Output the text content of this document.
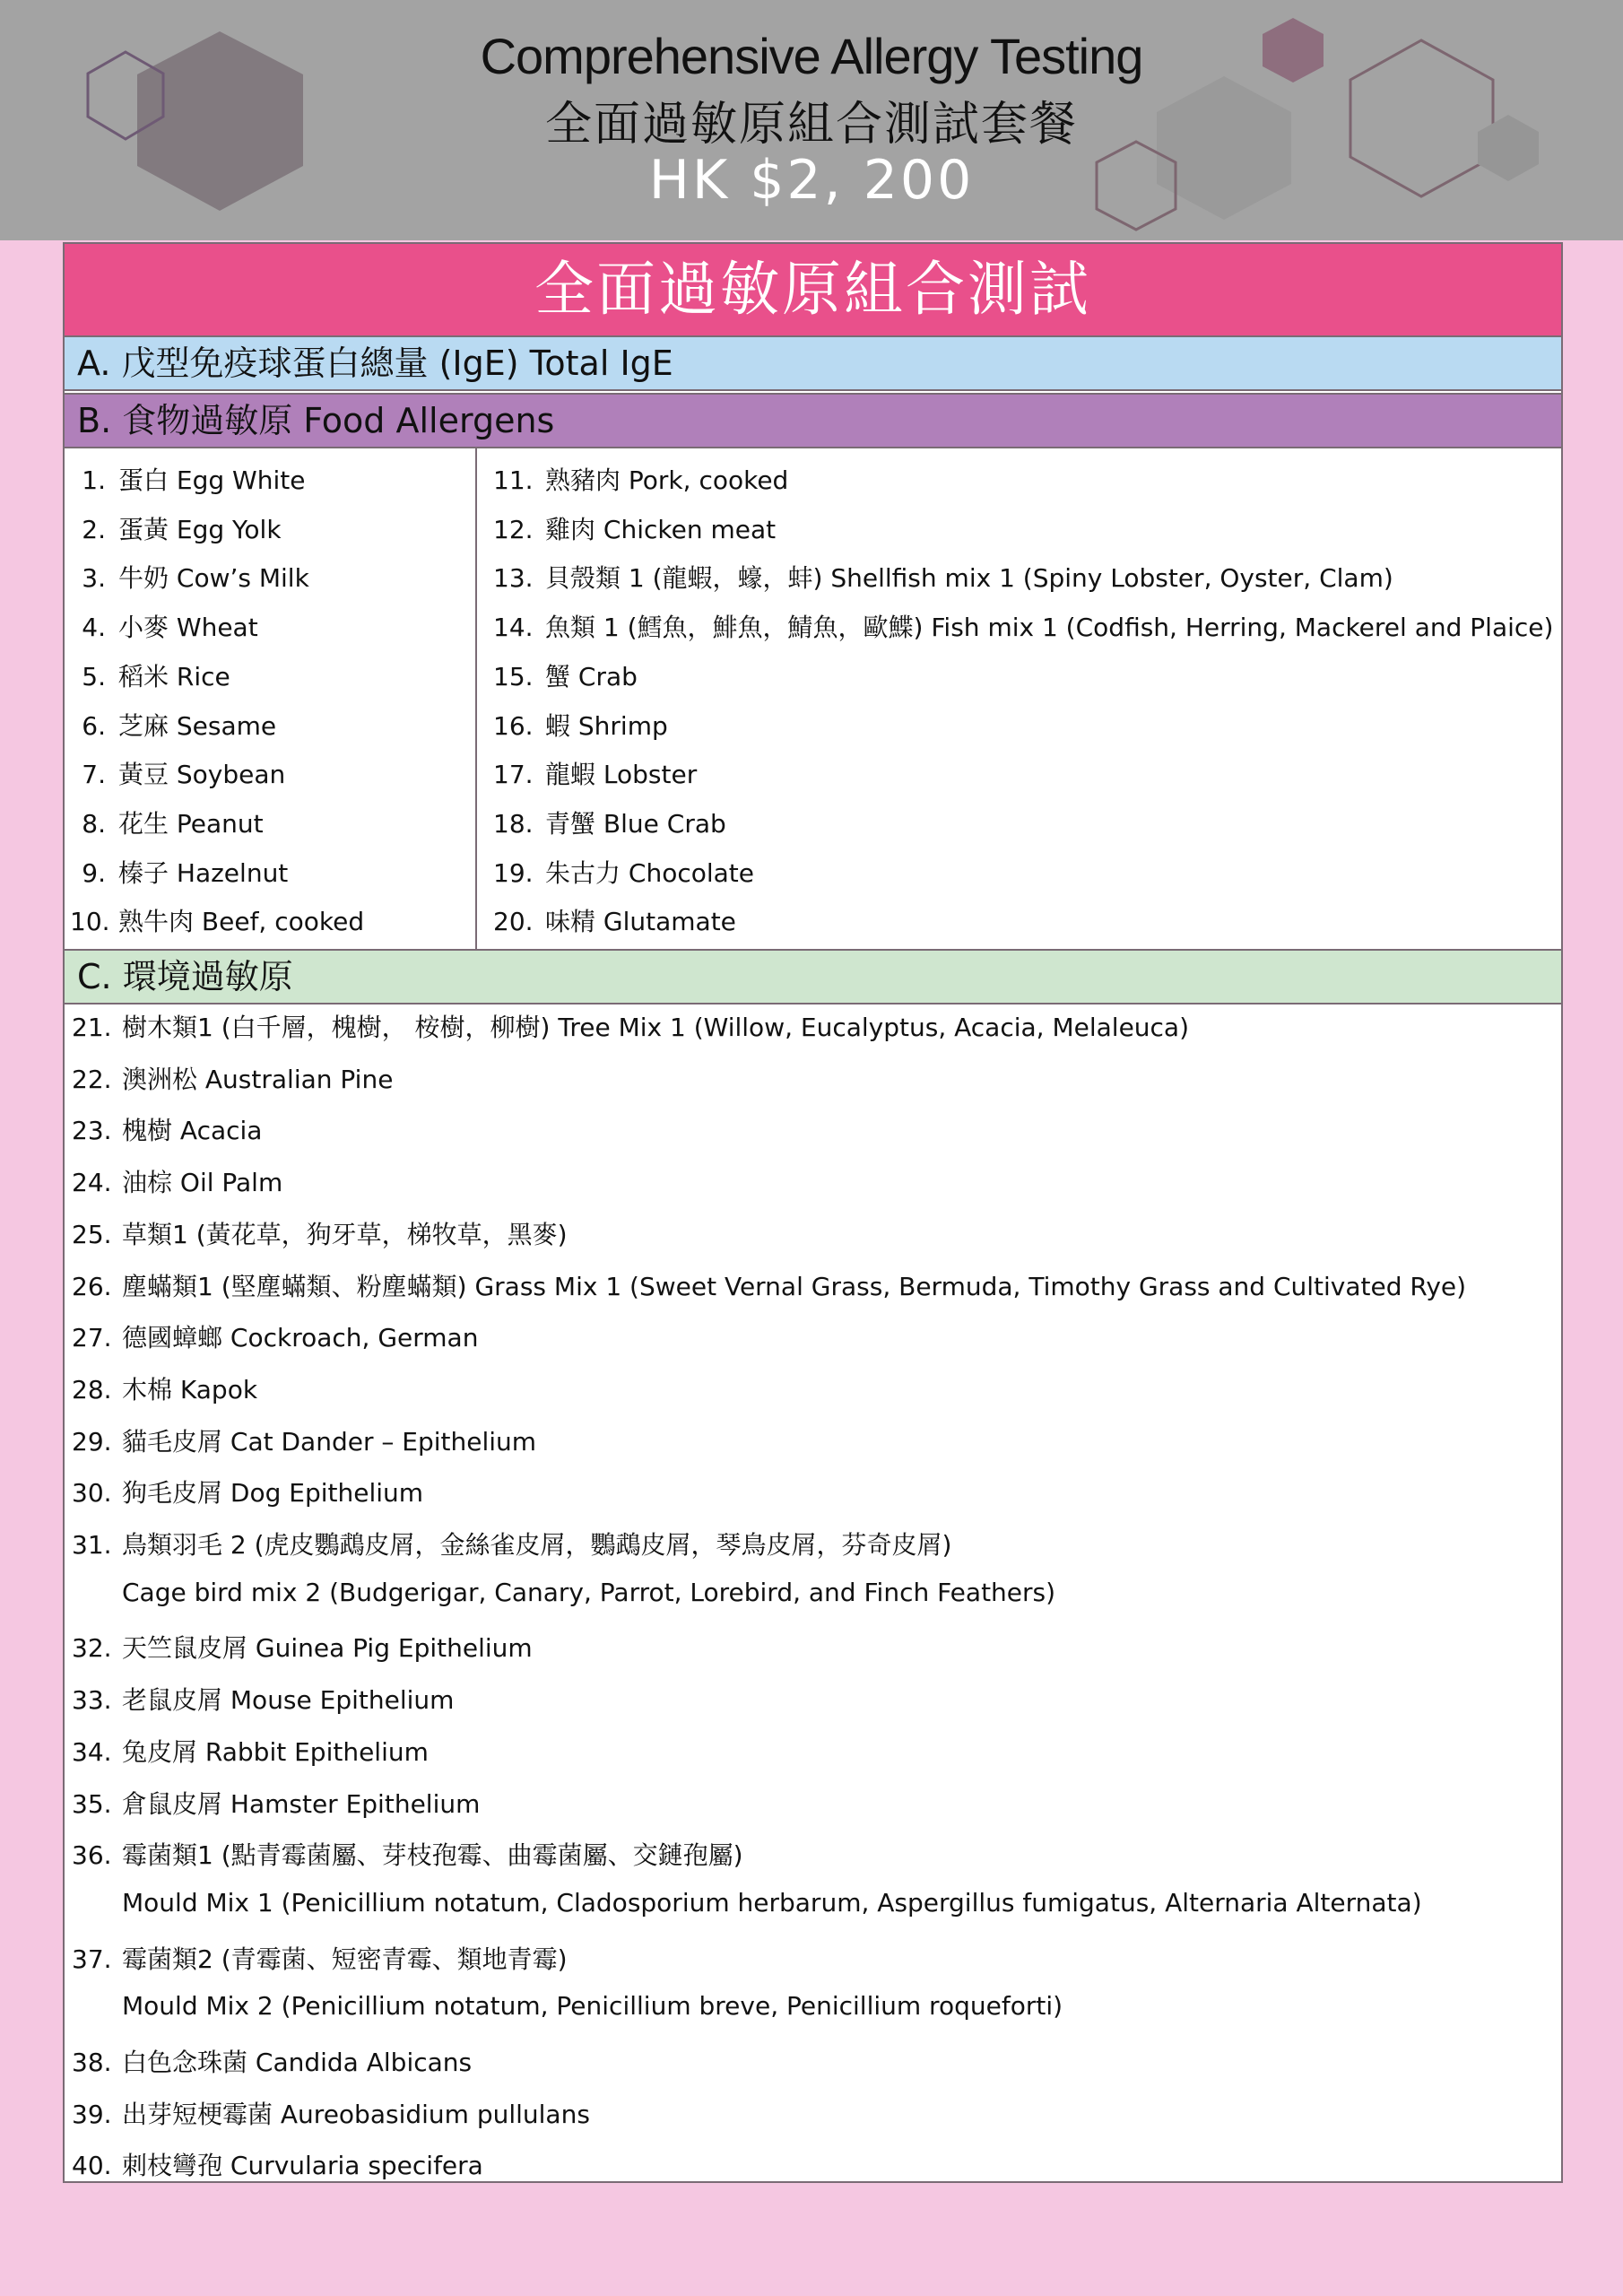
Comprehensive Allergy Testing
全面過敏原組合測試套餐
HK $2, 200
全面過敏原組合測試
A. 戊型免疫球蛋白總量 (IgE) Total IgE
B. 食物過敏原 Food Allergens
1. 蛋白 Egg White
2. 蛋黃 Egg Yolk
3. 牛奶 Cow’s Milk
4. 小麥 Wheat
5. 稻米 Rice
6. 芝麻 Sesame
7. 黃豆 Soybean
8. 花生 Peanut
9. 榛子 Hazelnut
10. 熟牛肉 Beef, cooked
11. 熟豬肉 Pork, cooked
12. 雞肉 Chicken meat
13. 貝殼類 1 (龍蝦，蠔，蚌) Shellfish mix 1 (Spiny Lobster, Oyster, Clam)
14. 魚類 1 (鱈魚，鯡魚，鯖魚，歐鰈) Fish mix 1 (Codfish, Herring, Mackerel and Plaice)
15. 蟹 Crab
16. 蝦 Shrimp
17. 龍蝦 Lobster
18. 青蟹 Blue Crab
19. 朱古力 Chocolate
20. 味精 Glutamate
C. 環境過敏原
21. 樹木類1 (白千層，槐樹， 桉樹，柳樹) Tree Mix 1 (Willow, Eucalyptus, Acacia, Melaleuca)
22. 澳洲松 Australian Pine
23. 槐樹 Acacia
24. 油棕 Oil Palm
25. 草類1 (黃花草，狗牙草，梯牧草，黑麥)
26. 塵蟎類1 (堅塵蟎類、粉塵蟎類) Grass Mix 1 (Sweet Vernal Grass, Bermuda, Timothy Grass and Cultivated Rye)
27. 德國蟑螂 Cockroach, German
28. 木棉 Kapok
29. 貓毛皮屑 Cat Dander – Epithelium
30. 狗毛皮屑 Dog Epithelium
31. 鳥類羽毛 2 (虎皮鸚鵡皮屑，金絲雀皮屑，鸚鵡皮屑，琴鳥皮屑，芬奇皮屑)
Cage bird mix 2 (Budgerigar, Canary, Parrot, Lorebird, and Finch Feathers)
32. 天竺鼠皮屑 Guinea Pig Epithelium
33. 老鼠皮屑 Mouse Epithelium
34. 兔皮屑 Rabbit Epithelium
35. 倉鼠皮屑 Hamster Epithelium
36. 霉菌類1 (點青霉菌屬、芽枝孢霉、曲霉菌屬、交鏈孢屬)
Mould Mix 1 (Penicillium notatum, Cladosporium herbarum, Aspergillus fumigatus, Alternaria Alternata)
37. 霉菌類2 (青霉菌、短密青霉、類地青霉)
Mould Mix 2 (Penicillium notatum, Penicillium breve, Penicillium roqueforti)
38. 白色念珠菌 Candida Albicans
39. 出芽短梗霉菌 Aureobasidium pullulans
40. 刺枝彎孢 Curvularia specifera
